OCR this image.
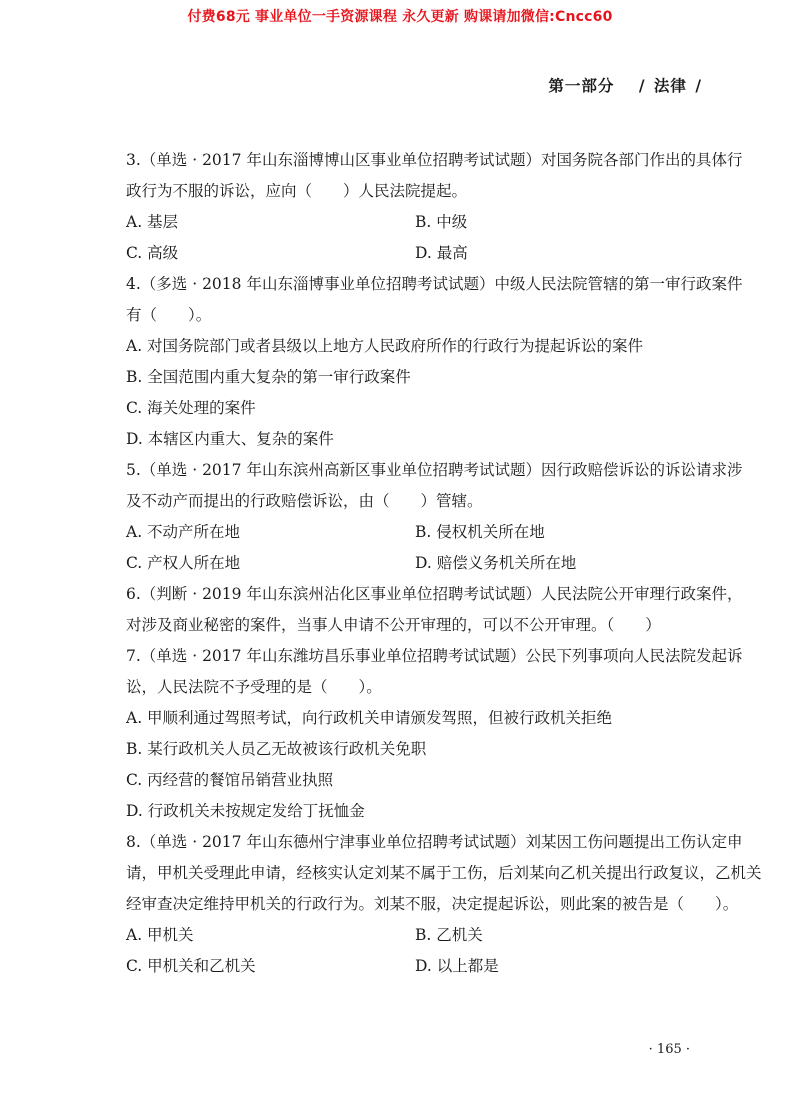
付费68元 事业单位一手资源课程 永久更新 购课请加微信:Cncc60
第一部分 / 法律 /
3.（单选 · 2017 年山东淄博博山区事业单位招聘考试试题）对国务院各部门作出的具体行
政行为不服的诉讼，应向（　　）人民法院提起。
A. 基层	B. 中级
C. 高级	D. 最高
4.（多选 · 2018 年山东淄博事业单位招聘考试试题）中级人民法院管辖的第一审行政案件
有（　　）。
A. 对国务院部门或者县级以上地方人民政府所作的行政行为提起诉讼的案件
B. 全国范围内重大复杂的第一审行政案件
C. 海关处理的案件
D. 本辖区内重大、复杂的案件
5.（单选 · 2017 年山东滨州高新区事业单位招聘考试试题）因行政赔偿诉讼的诉讼请求涉
及不动产而提出的行政赔偿诉讼，由（　　）管辖。
A. 不动产所在地	B. 侵权机关所在地
C. 产权人所在地	D. 赔偿义务机关所在地
6.（判断 · 2019 年山东滨州沾化区事业单位招聘考试试题）人民法院公开审理行政案件，
对涉及商业秘密的案件，当事人申请不公开审理的，可以不公开审理。（　　）
7.（单选 · 2017 年山东潍坊昌乐事业单位招聘考试试题）公民下列事项向人民法院发起诉
讼，人民法院不予受理的是（　　）。
A. 甲顺利通过驾照考试，向行政机关申请颁发驾照，但被行政机关拒绝
B. 某行政机关人员乙无故被该行政机关免职
C. 丙经营的餐馆吊销营业执照
D. 行政机关未按规定发给丁抚恤金
8.（单选 · 2017 年山东德州宁津事业单位招聘考试试题）刘某因工伤问题提出工伤认定申
请，甲机关受理此申请，经核实认定刘某不属于工伤，后刘某向乙机关提出行政复议，乙机关
经审查决定维持甲机关的行政行为。刘某不服，决定提起诉讼，则此案的被告是（　　）。
A. 甲机关	B. 乙机关
C. 甲机关和乙机关	D. 以上都是
· 165 ·
